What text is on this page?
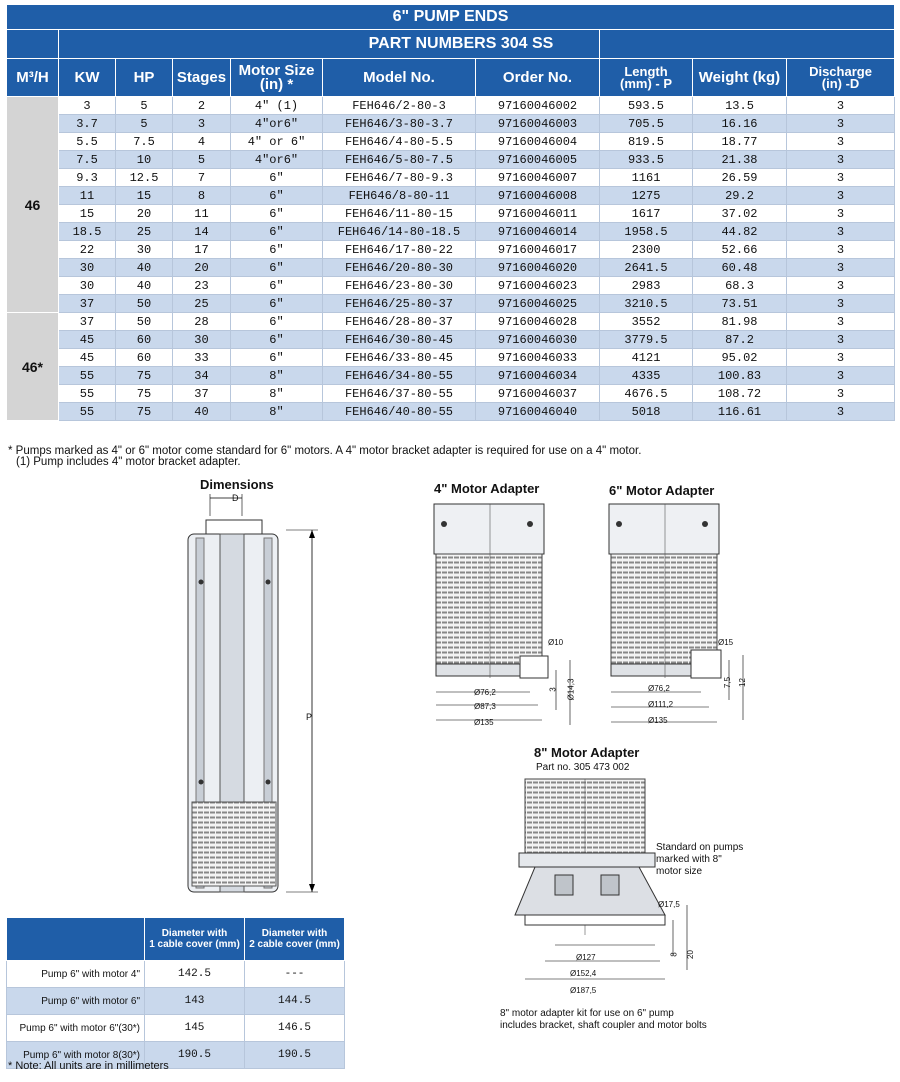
6" PUMP ENDS									
	PART NUMBERS 304 SS								
M³/H	KW	HP	Stages	Motor Size
(in) *	Model No.	Order No.	Length
(mm) - P	Weight (kg)	Discharge
(in) -D
46	3	5	2	4" (1)	FEH646/2-80-3	97160046002	593.5	13.5	3
	3.7	5	3	4"or6"	FEH646/3-80-3.7	97160046003	705.5	16.16	3
	5.5	7.5	4	4" or 6"	FEH646/4-80-5.5	97160046004	819.5	18.77	3
	7.5	10	5	4"or6"	FEH646/5-80-7.5	97160046005	933.5	21.38	3
	9.3	12.5	7	6"	FEH646/7-80-9.3	97160046007	1161	26.59	3
	11	15	8	6"	FEH646/8-80-11	97160046008	1275	29.2	3
	15	20	11	6"	FEH646/11-80-15	97160046011	1617	37.02	3
	18.5	25	14	6"	FEH646/14-80-18.5	97160046014	1958.5	44.82	3
	22	30	17	6"	FEH646/17-80-22	97160046017	2300	52.66	3
	30	40	20	6"	FEH646/20-80-30	97160046020	2641.5	60.48	3
	30	40	23	6"	FEH646/23-80-30	97160046023	2983	68.3	3
	37	50	25	6"	FEH646/25-80-37	97160046025	3210.5	73.51	3
46*	37	50	28	6"	FEH646/28-80-37	97160046028	3552	81.98	3
	45	60	30	6"	FEH646/30-80-45	97160046030	3779.5	87.2	3
	45	60	33	6"	FEH646/33-80-45	97160046033	4121	95.02	3
	55	75	34	8"	FEH646/34-80-55	97160046034	4335	100.83	3
	55	75	37	8"	FEH646/37-80-55	97160046037	4676.5	108.72	3
	55	75	40	8"	FEH646/40-80-55	97160046040	5018	116.61	3
* Pumps marked as 4" or 6" motor come standard for 6" motors. A 4" motor bracket adapter is required for use on a 4" motor.
(1) Pump includes 4" motor bracket adapter.
Dimensions
D
P
4" Motor Adapter
Ø10
Ø76,2
Ø87,3
Ø135
3 Ø14,3
6" Motor Adapter
Ø15
Ø76,2
Ø111,2
Ø135
7,5 12
8" Motor Adapter
Part no. 305 473 002
Standard on pumps
marked with 8"
motor size
Ø17,5
Ø127
Ø152,4
Ø187,5
8 20
8" motor adapter kit for use on 6" pump
includes bracket, shaft coupler and motor bolts
	Diameter with
1 cable cover (mm)	Diameter with
2 cable cover (mm)
Pump 6" with motor 4"	142.5	---
Pump 6" with motor 6"	143	144.5
Pump 6" with motor 6"(30*)	145	146.5
Pump 6" with motor 8(30*)	190.5	190.5
* Note: All units are in millimeters
